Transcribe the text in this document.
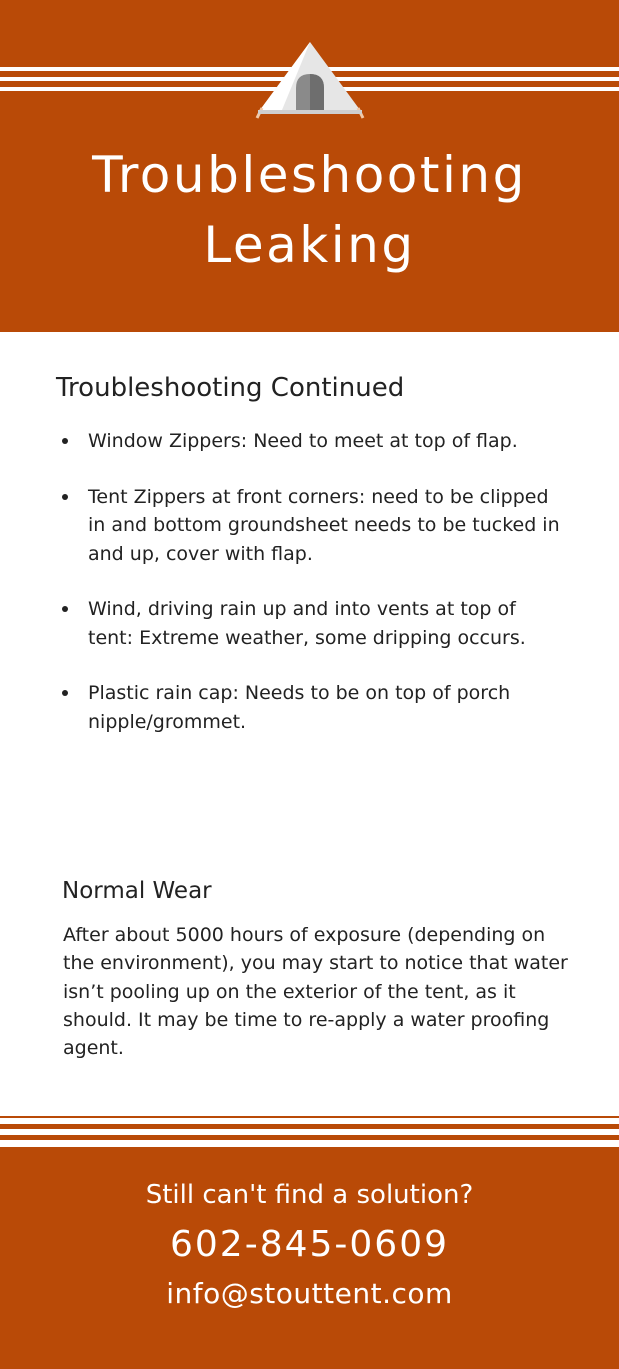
Troubleshooting
Leaking
Troubleshooting Continued
Window Zippers: Need to meet at top of flap.
Tent Zippers at front corners: need to be clipped in and bottom groundsheet needs to be tucked in and up, cover with flap.
Wind, driving rain up and into vents at top of tent: Extreme weather, some dripping occurs.
Plastic rain cap: Needs to be on top of porch nipple/grommet.
Normal Wear

After about 5000 hours of exposure (depending on the environment), you may start to notice that water isn’t pooling up on the exterior of the tent, as it should. It may be time to re-apply a water proofing agent.

Still can't find a solution?
602-845-0609
info@stouttent.com
